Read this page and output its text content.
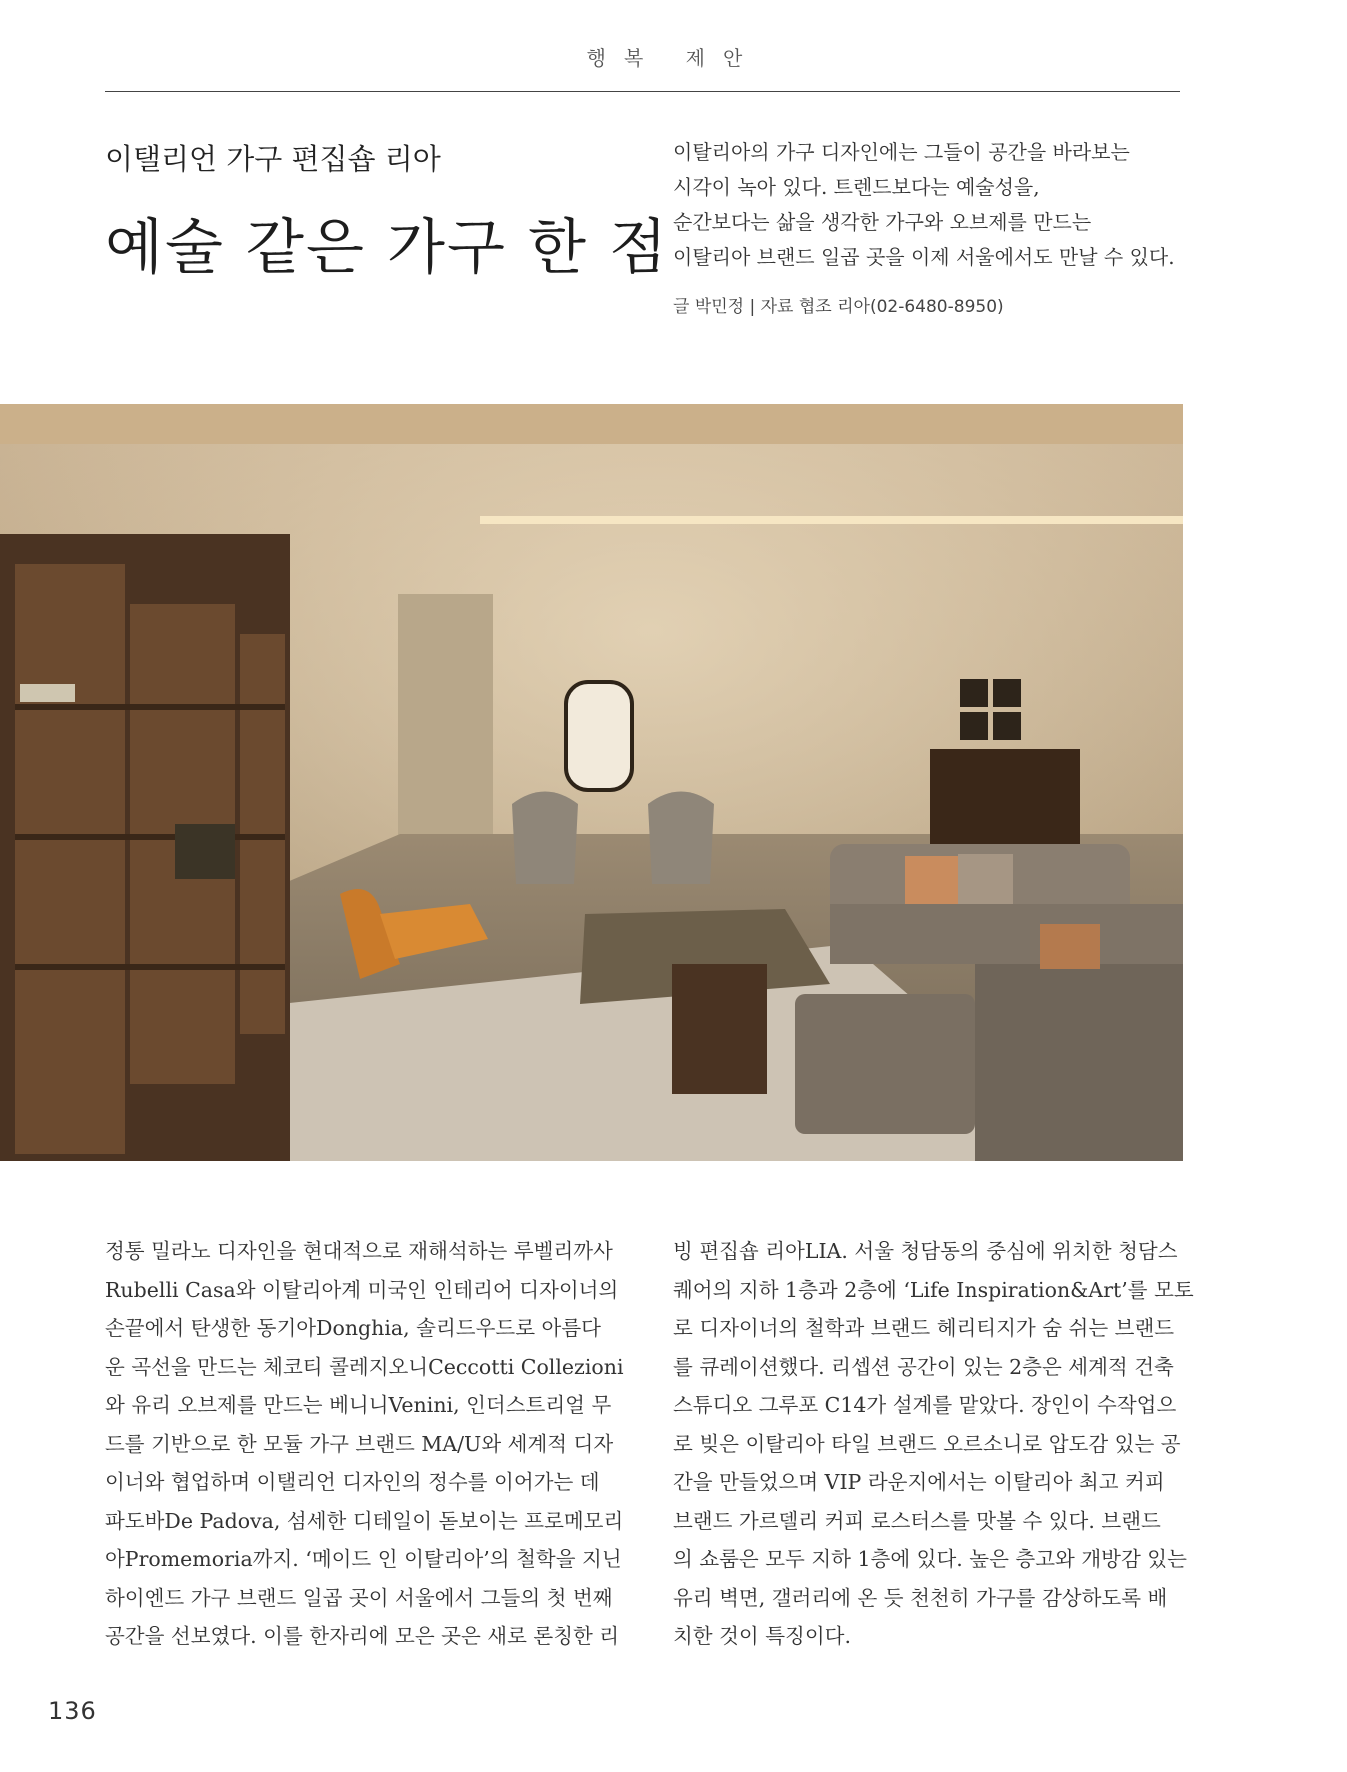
행복 제안
이탤리언 가구 편집숍 리아
예술 같은 가구 한 점

이탈리아의 가구 디자인에는 그들이 공간을 바라보는

시각이 녹아 있다. 트렌드보다는 예술성을,

순간보다는 삶을 생각한 가구와 오브제를 만드는

이탈리아 브랜드 일곱 곳을 이제 서울에서도 만날 수 있다.

글 박민정 | 자료 협조 리아(02-6480-8950)

정통 밀라노 디자인을 현대적으로 재해석하는 루벨리까사

Rubelli Casa와 이탈리아계 미국인 인테리어 디자이너의

손끝에서 탄생한 동기아Donghia, 솔리드우드로 아름다

운 곡선을 만드는 체코티 콜레지오니Ceccotti Collezioni

와 유리 오브제를 만드는 베니니Venini, 인더스트리얼 무

드를 기반으로 한 모듈 가구 브랜드 MA/U와 세계적 디자

이너와 협업하며 이탤리언 디자인의 정수를 이어가는 데

파도바De Padova, 섬세한 디테일이 돋보이는 프로메모리

아Promemoria까지. ‘메이드 인 이탈리아’의 철학을 지닌

하이엔드 가구 브랜드 일곱 곳이 서울에서 그들의 첫 번째

공간을 선보였다. 이를 한자리에 모은 곳은 새로 론칭한 리

빙 편집숍 리아LIA. 서울 청담동의 중심에 위치한 청담스

퀘어의 지하 1층과 2층에 ‘Life Inspiration&Art’를 모토

로 디자이너의 철학과 브랜드 헤리티지가 숨 쉬는 브랜드

를 큐레이션했다. 리셉션 공간이 있는 2층은 세계적 건축

스튜디오 그루포 C14가 설계를 맡았다. 장인이 수작업으

로 빚은 이탈리아 타일 브랜드 오르소니로 압도감 있는 공

간을 만들었으며 VIP 라운지에서는 이탈리아 최고 커피

브랜드 가르델리 커피 로스터스를 맛볼 수 있다. 브랜드

의 쇼룸은 모두 지하 1층에 있다. 높은 층고와 개방감 있는

유리 벽면, 갤러리에 온 듯 천천히 가구를 감상하도록 배

치한 것이 특징이다.

136
